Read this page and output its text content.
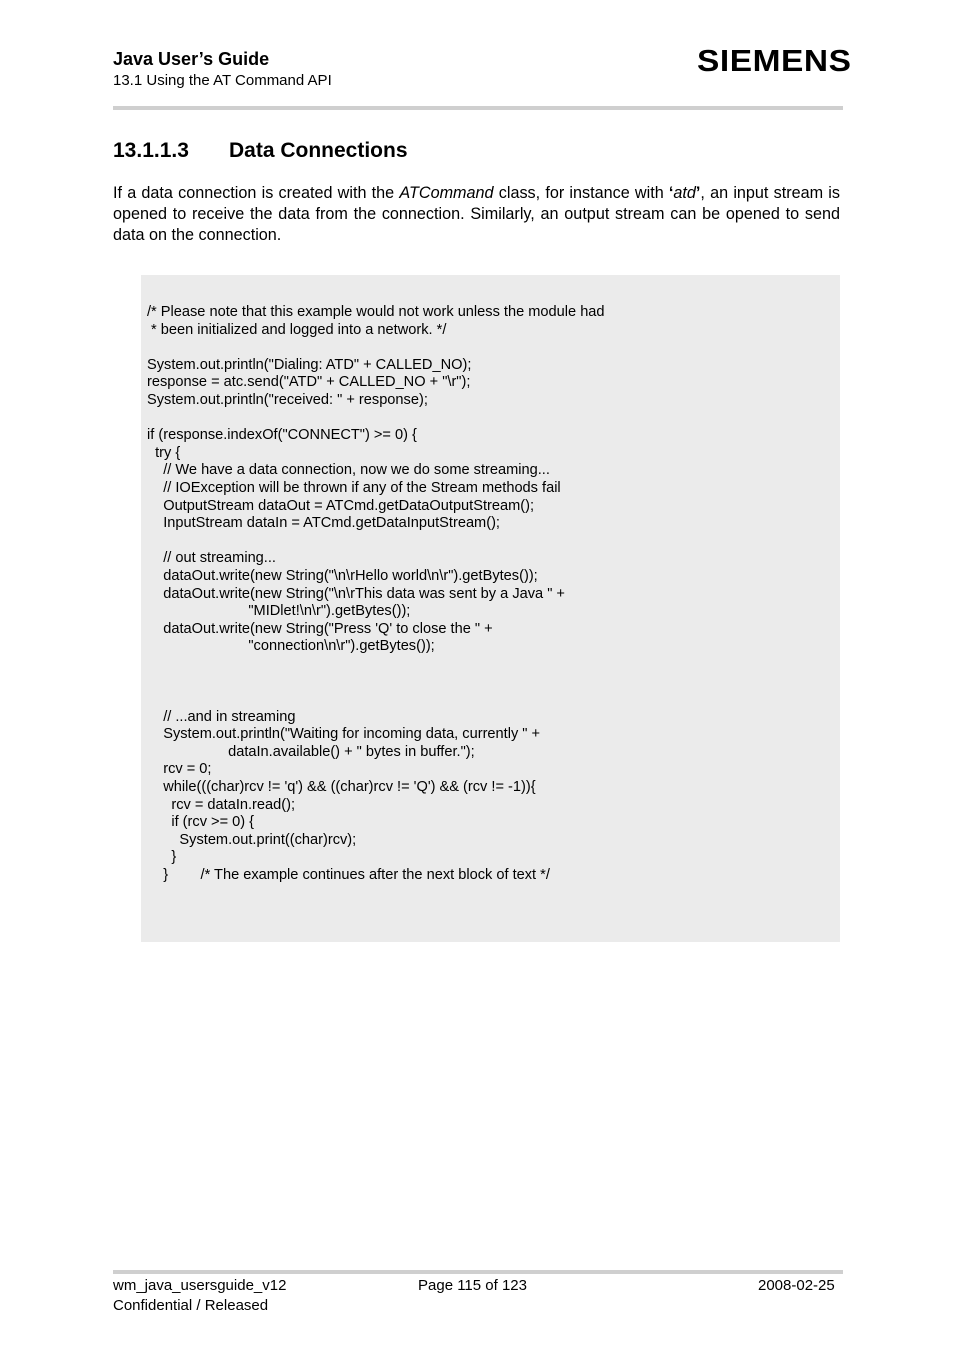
Java User’s Guide
13.1 Using the AT Command API
SIEMENS
13.1.1.3 Data Connections
If a data connection is created with the ATCommand class, for instance with ‘atd’, an input stream is opened to receive the data from the connection. Similarly, an output stream can be opened to send data on the connection.
/* Please note that this example would not work unless the module had
* been initialized and logged into a network. */

System.out.println("Dialing: ATD" + CALLED_NO);
response = atc.send("ATD" + CALLED_NO + "\r");
System.out.println("received: " + response);

if (response.indexOf("CONNECT") >= 0) {
try {
// We have a data connection, now we do some streaming...
// IOException will be thrown if any of the Stream methods fail
OutputStream dataOut = ATCmd.getDataOutputStream();
InputStream dataIn = ATCmd.getDataInputStream();

// out streaming...
dataOut.write(new String("\n\rHello world\n\r").getBytes());
dataOut.write(new String("\n\rThis data was sent by a Java " +
"MIDlet!\n\r").getBytes());
dataOut.write(new String("Press 'Q' to close the " +
"connection\n\r").getBytes());

// ...and in streaming
System.out.println("Waiting for incoming data, currently " +
dataIn.available() + " bytes in buffer.");
rcv = 0;
while(((char)rcv != 'q') && ((char)rcv != 'Q') && (rcv != -1)){
rcv = dataIn.read();
if (rcv >= 0) {
System.out.print((char)rcv);
}
}        /* The example continues after the next block of text */
wm_java_usersguide_v12
Confidential / Released
Page 115 of 123	2008-02-25
